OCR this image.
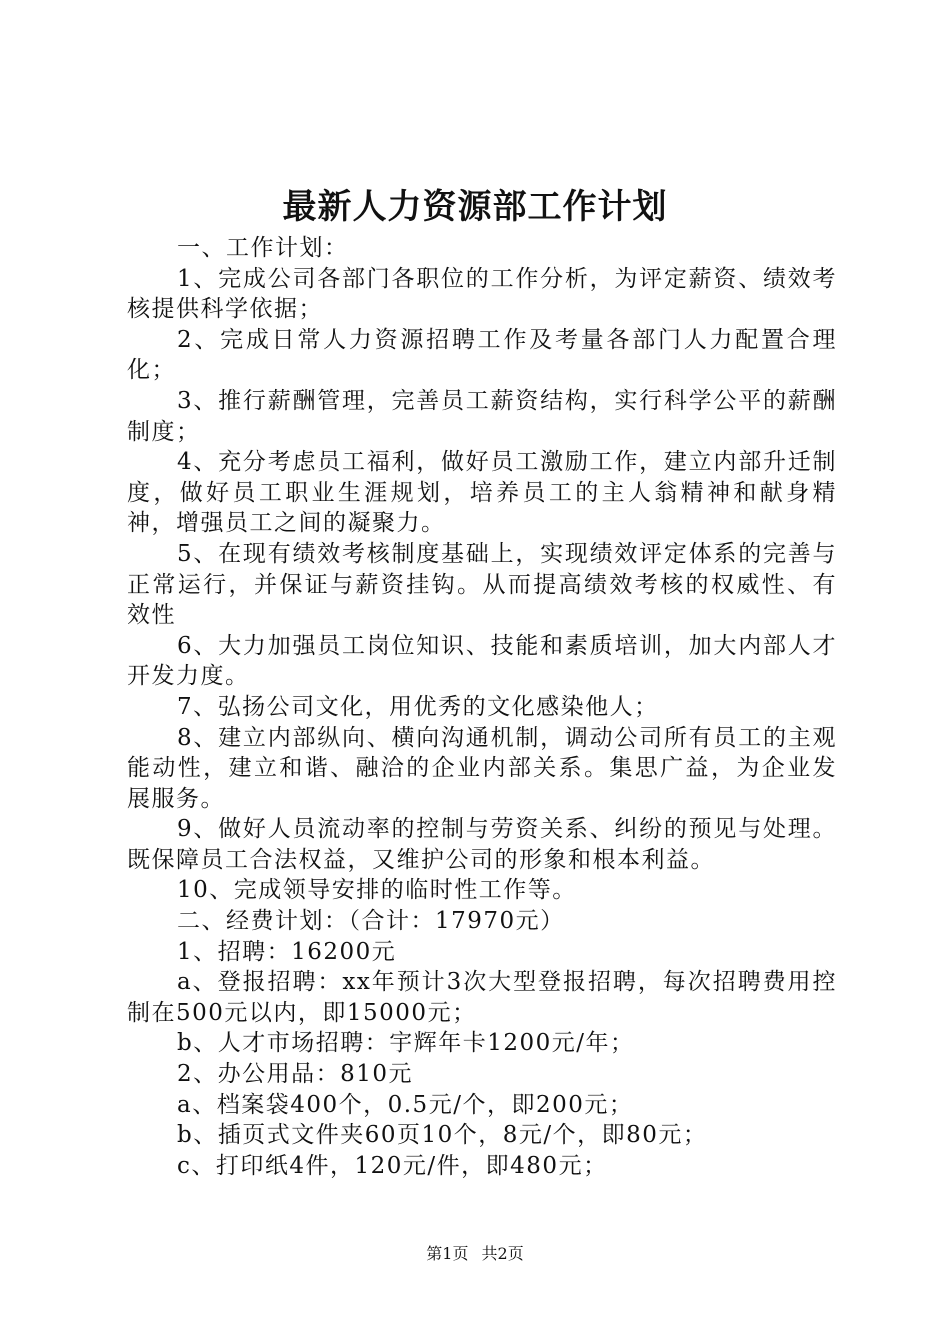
最新人力资源部工作计划

一、工作计划：

1、完成公司各部门各职位的工作分析，为评定薪资、绩效考核提供科学依据；

2、完成日常人力资源招聘工作及考量各部门人力配置合理化；

3、推行薪酬管理，完善员工薪资结构，实行科学公平的薪酬制度；

4、充分考虑员工福利，做好员工激励工作，建立内部升迁制度，做好员工职业生涯规划，培养员工的主人翁精神和献身精神，增强员工之间的凝聚力。

5、在现有绩效考核制度基础上，实现绩效评定体系的完善与正常运行，并保证与薪资挂钩。从而提高绩效考核的权威性、有效性

6、大力加强员工岗位知识、技能和素质培训，加大内部人才开发力度。

7、弘扬公司文化，用优秀的文化感染他人；

8、建立内部纵向、横向沟通机制，调动公司所有员工的主观能动性，建立和谐、融洽的企业内部关系。集思广益，为企业发展服务。

9、做好人员流动率的控制与劳资关系、纠纷的预见与处理。既保障员工合法权益，又维护公司的形象和根本利益。

10、完成领导安排的临时性工作等。

二、经费计划：（合计：17970元）

1、招聘：16200元

a、登报招聘：xx年预计3次大型登报招聘，每次招聘费用控制在500元以内，即15000元；

b、人才市场招聘：宇辉年卡1200元/年；

2、办公用品：810元

a、档案袋400个，0.5元/个，即200元；

b、插页式文件夹60页10个，8元/个，即80元；

c、打印纸4件，120元/件，即480元；

第1页 共2页
